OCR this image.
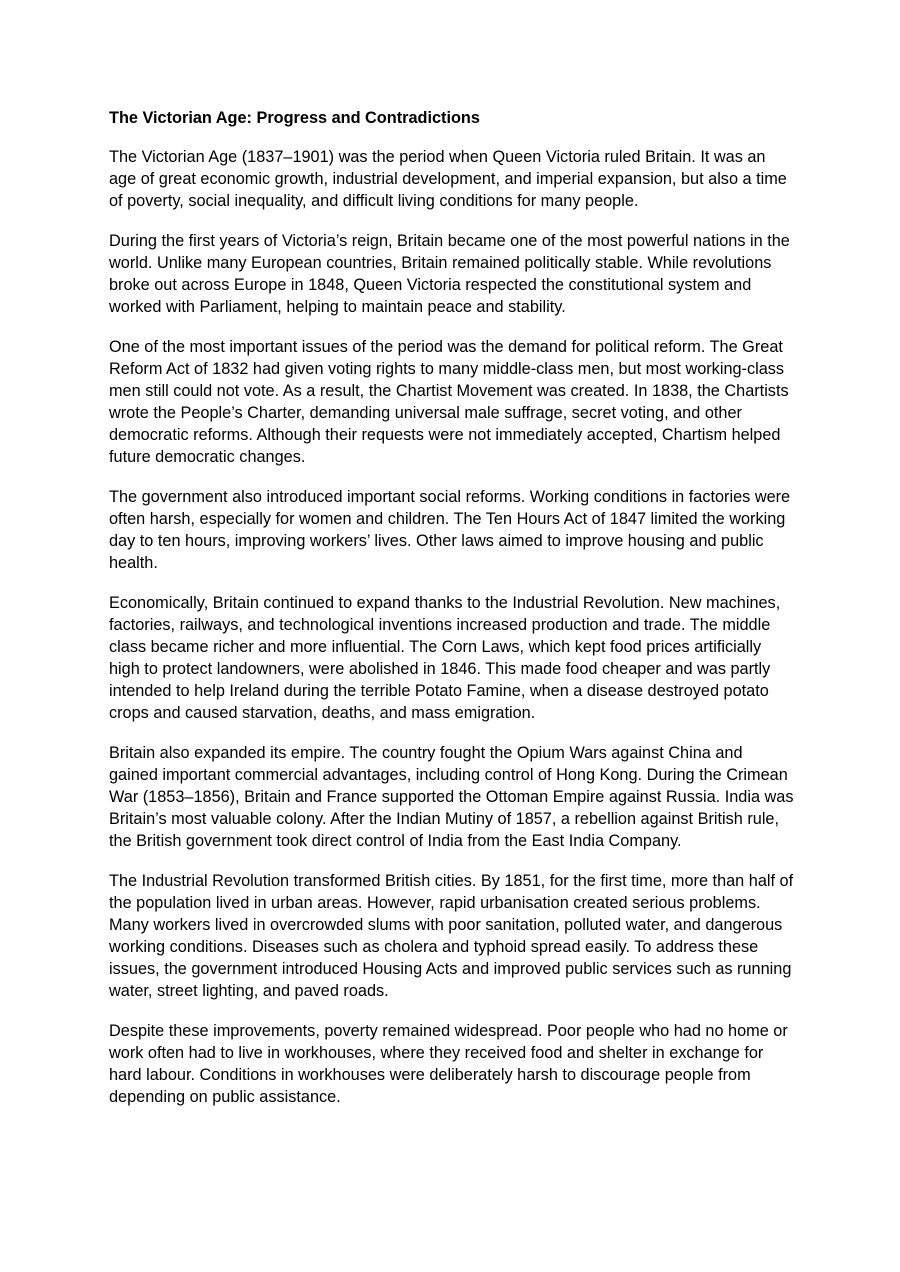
The Victorian Age: Progress and Contradictions

The Victorian Age (1837–1901) was the period when Queen Victoria ruled Britain. It was an age of great economic growth, industrial development, and imperial expansion, but also a time of poverty, social inequality, and difficult living conditions for many people.

During the first years of Victoria’s reign, Britain became one of the most powerful nations in the world. Unlike many European countries, Britain remained politically stable. While revolutions broke out across Europe in 1848, Queen Victoria respected the constitutional system and worked with Parliament, helping to maintain peace and stability.

One of the most important issues of the period was the demand for political reform. The Great Reform Act of 1832 had given voting rights to many middle-class men, but most working-class men still could not vote. As a result, the Chartist Movement was created. In 1838, the Chartists wrote the People’s Charter, demanding universal male suffrage, secret voting, and other democratic reforms. Although their requests were not immediately accepted, Chartism helped future democratic changes.

The government also introduced important social reforms. Working conditions in factories were often harsh, especially for women and children. The Ten Hours Act of 1847 limited the working day to ten hours, improving workers’ lives. Other laws aimed to improve housing and public health.

Economically, Britain continued to expand thanks to the Industrial Revolution. New machines, factories, railways, and technological inventions increased production and trade. The middle class became richer and more influential. The Corn Laws, which kept food prices artificially high to protect landowners, were abolished in 1846. This made food cheaper and was partly intended to help Ireland during the terrible Potato Famine, when a disease destroyed potato crops and caused starvation, deaths, and mass emigration.

Britain also expanded its empire. The country fought the Opium Wars against China and gained important commercial advantages, including control of Hong Kong. During the Crimean War (1853–1856), Britain and France supported the Ottoman Empire against Russia. India was Britain’s most valuable colony. After the Indian Mutiny of 1857, a rebellion against British rule, the British government took direct control of India from the East India Company.

The Industrial Revolution transformed British cities. By 1851, for the first time, more than half of the population lived in urban areas. However, rapid urbanisation created serious problems. Many workers lived in overcrowded slums with poor sanitation, polluted water, and dangerous working conditions. Diseases such as cholera and typhoid spread easily. To address these issues, the government introduced Housing Acts and improved public services such as running water, street lighting, and paved roads.

Despite these improvements, poverty remained widespread. Poor people who had no home or work often had to live in workhouses, where they received food and shelter in exchange for hard labour. Conditions in workhouses were deliberately harsh to discourage people from depending on public assistance.
